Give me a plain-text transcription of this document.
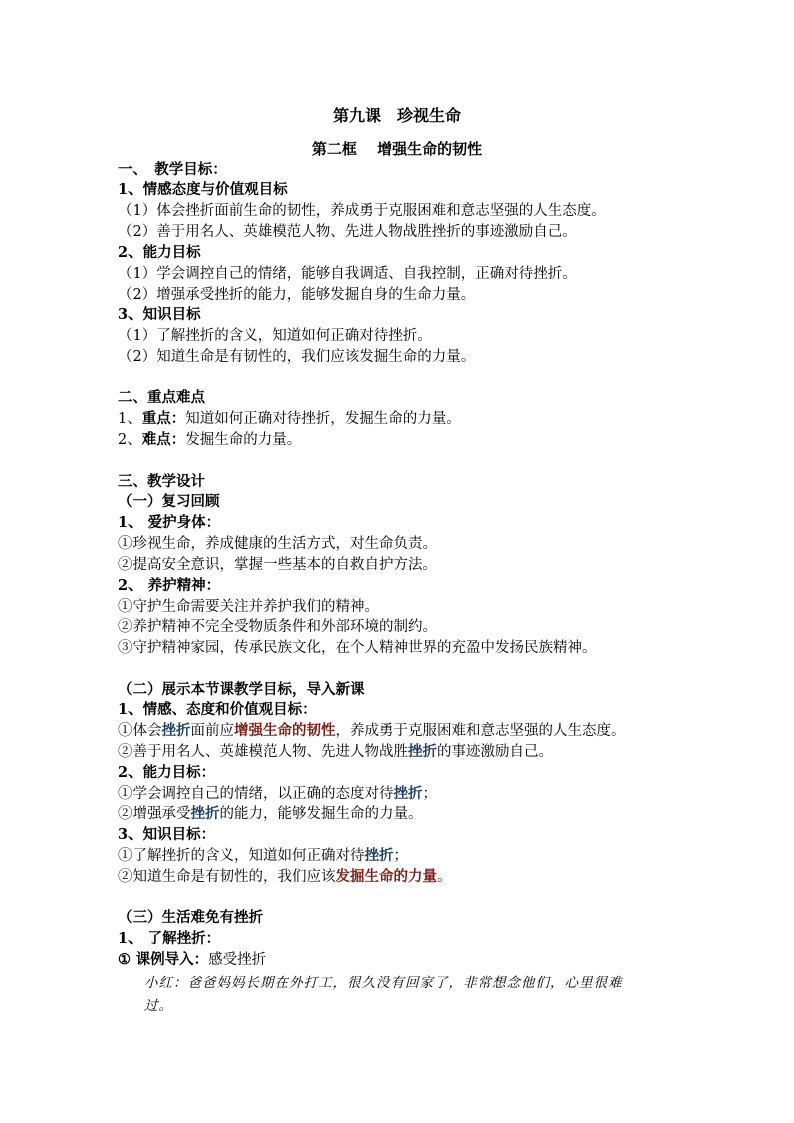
第九课　珍视生命
第二框　 增强生命的韧性
一、　教学目标：
1、情感态度与价值观目标
（1）体会挫折面前生命的韧性，养成勇于克服困难和意志坚强的人生态度。
（2）善于用名人、英雄模范人物、先进人物战胜挫折的事迹激励自己。
2、能力目标
（1）学会调控自己的情绪，能够自我调适、自我控制，正确对待挫折。
（2）增强承受挫折的能力，能够发掘自身的生命力量。
3、知识目标
（1）了解挫折的含义，知道如何正确对待挫折。
（2）知道生命是有韧性的，我们应该发掘生命的力量。
二、重点难点
1、重点：知道如何正确对待挫折，发掘生命的力量。
2、难点：发掘生命的力量。
三、教学设计
（一）复习回顾
1、 爱护身体：
①珍视生命，养成健康的生活方式，对生命负责。
②提高安全意识，掌握一些基本的自救自护方法。
2、 养护精神：
①守护生命需要关注并养护我们的精神。
②养护精神不完全受物质条件和外部环境的制约。
③守护精神家园，传承民族文化，在个人精神世界的充盈中发扬民族精神。
（二）展示本节课教学目标，导入新课
1、情感、态度和价值观目标：
①体会挫折面前应增强生命的韧性，养成勇于克服困难和意志坚强的人生态度。
②善于用名人、英雄模范人物、先进人物战胜挫折的事迹激励自己。
2、能力目标：
①学会调控自己的情绪，以正确的态度对待挫折；
②增强承受挫折的能力，能够发掘生命的力量。
3、知识目标：
①了解挫折的含义，知道如何正确对待挫折；
②知道生命是有韧性的，我们应该发掘生命的力量。
（三）生活难免有挫折
1、 了解挫折：
① 课例导入：感受挫折
小红：爸爸妈妈长期在外打工，很久没有回家了，非常想念他们，心里很难
过。
